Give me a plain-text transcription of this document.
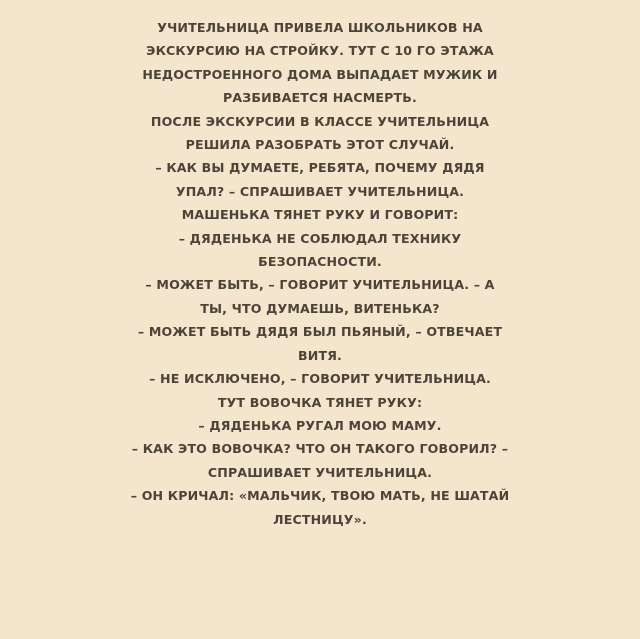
УЧИТЕЛЬНИЦА ПРИВЕЛА ШКОЛЬНИКОВ НА
ЭКСКУРСИЮ НА СТРОЙКУ. ТУТ С 10 ГО ЭТАЖА
НЕДОСТРОЕННОГО ДОМА ВЫПАДАЕТ МУЖИК И
РАЗБИВАЕТСЯ НАСМЕРТЬ.
ПОСЛЕ ЭКСКУРСИИ В КЛАССЕ УЧИТЕЛЬНИЦА
РЕШИЛА РАЗОБРАТЬ ЭТОТ СЛУЧАЙ.
– КАК ВЫ ДУМАЕТЕ, РЕБЯТА, ПОЧЕМУ ДЯДЯ
УПАЛ? – СПРАШИВАЕТ УЧИТЕЛЬНИЦА.
МАШЕНЬКА ТЯНЕТ РУКУ И ГОВОРИТ:
– ДЯДЕНЬКА НЕ СОБЛЮДАЛ ТЕХНИКУ
БЕЗОПАСНОСТИ.
– МОЖЕТ БЫТЬ, – ГОВОРИТ УЧИТЕЛЬНИЦА. – А
ТЫ, ЧТО ДУМАЕШЬ, ВИТЕНЬКА?
– МОЖЕТ БЫТЬ ДЯДЯ БЫЛ ПЬЯНЫЙ, – ОТВЕЧАЕТ
ВИТЯ.
– НЕ ИСКЛЮЧЕНО, – ГОВОРИТ УЧИТЕЛЬНИЦА.
ТУТ ВОВОЧКА ТЯНЕТ РУКУ:
– ДЯДЕНЬКА РУГАЛ МОЮ МАМУ.
– КАК ЭТО ВОВОЧКА? ЧТО ОН ТАКОГО ГОВОРИЛ? –
СПРАШИВАЕТ УЧИТЕЛЬНИЦА.
– ОН КРИЧАЛ: «МАЛЬЧИК, ТВОЮ МАТЬ, НЕ ШАТАЙ
ЛЕСТНИЦУ».
